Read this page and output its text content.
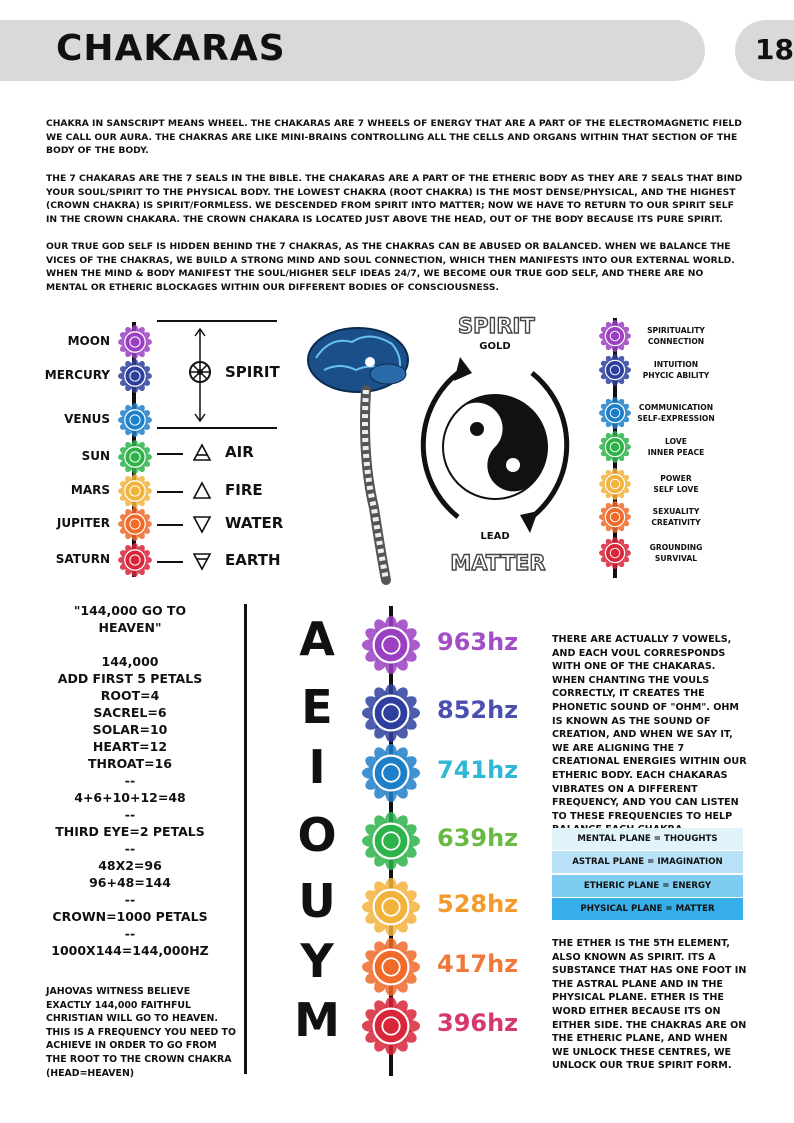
CHAKARAS	18
CHAKRA IN SANSCRIPT MEANS WHEEL. THE CHAKARAS ARE 7 WHEELS OF ENERGY THAT ARE A PART OF THE ELECTROMAGNETIC FIELD WE CALL OUR AURA. THE CHAKRAS ARE LIKE MINI-BRAINS CONTROLLING ALL THE CELLS AND ORGANS WITHIN THAT SECTION OF THE BODY OF THE BODY.
THE 7 CHAKARAS ARE THE 7 SEALS IN THE BIBLE. THE CHAKARAS ARE A PART OF THE ETHERIC BODY AS THEY ARE 7 SEALS THAT BIND YOUR SOUL/SPIRIT TO THE PHYSICAL BODY. THE LOWEST CHAKRA (ROOT CHAKRA) IS THE MOST DENSE/PHYSICAL, AND THE HIGHEST (CROWN CHAKRA) IS SPIRIT/FORMLESS. WE DESCENDED FROM SPIRIT INTO MATTER; NOW WE HAVE TO RETURN TO OUR SPIRIT SELF IN THE CROWN CHAKARA. THE CROWN CHAKARA IS LOCATED JUST ABOVE THE HEAD, OUT OF THE BODY BECAUSE ITS PURE SPIRIT.
OUR TRUE GOD SELF IS HIDDEN BEHIND THE 7 CHAKRAS, AS THE CHAKRAS CAN BE ABUSED OR BALANCED. WHEN WE BALANCE THE VICES OF THE CHAKRAS, WE BUILD A STRONG MIND AND SOUL CONNECTION, WHICH THEN MANIFESTS INTO OUR EXTERNAL WORLD. WHEN THE MIND & BODY MANIFEST THE SOUL/HIGHER SELF IDEAS 24/7, WE BECOME OUR TRUE GOD SELF, AND THERE ARE NO MENTAL OR ETHERIC BLOCKAGES WITHIN OUR DIFFERENT BODIES OF CONSCIOUSNESS.
MOON
MERCURY
VENUS
SUN
MARS
JUPITER
SATURN
SPIRIT
AIR
FIRE
WATER
EARTH
SPIRIT
GOLD
LEAD
MATTER
SPIRITUALITY
CONNECTION
INTUITION
PHYCIC ABILITY
COMMUNICATION
SELF-EXPRESSION
LOVE
INNER PEACE
POWER
SELF LOVE
SEXUALITY
CREATIVITY
GROUNDING
SURVIVAL
"144,000 GO TO
HEAVEN"

144,000
ADD FIRST 5 PETALS
ROOT=4
SACREL=6
SOLAR=10
HEART=12
THROAT=16
--
4+6+10+12=48
--
THIRD EYE=2 PETALS
--
48X2=96
96+48=144
--
CROWN=1000 PETALS
--
1000X144=144,000HZ
JAHOVAS WITNESS BELIEVE EXACTLY 144,000 FAITHFUL CHRISTIAN WILL GO TO HEAVEN. THIS IS A FREQUENCY YOU NEED TO ACHIEVE IN ORDER TO GO FROM THE ROOT TO THE CROWN CHAKRA (HEAD=HEAVEN)
A	963hz
E	852hz
I	741hz
O	639hz
U	528hz
Y	417hz
M	396hz
THERE ARE ACTUALLY 7 VOWELS, AND EACH VOUL CORRESPONDS WITH ONE OF THE CHAKARAS. WHEN CHANTING THE VOULS CORRECTLY, IT CREATES THE PHONETIC SOUND OF "OHM". OHM IS KNOWN AS THE SOUND OF CREATION, AND WHEN WE SAY IT, WE ARE ALIGNING THE 7 CREATIONAL ENERGIES WITHIN OUR ETHERIC BODY. EACH CHAKARAS VIBRATES ON A DIFFERENT FREQUENCY, AND YOU CAN LISTEN TO THESE FREQUENCIES TO HELP
MENTAL PLANE = THOUGHTS
ASTRAL PLANE = IMAGINATION
ETHERIC PLANE = ENERGY
PHYSICAL PLANE = MATTER
THE ETHER IS THE 5TH ELEMENT, ALSO KNOWN AS SPIRIT. ITS A SUBSTANCE THAT HAS ONE FOOT IN THE ASTRAL PLANE AND IN THE PHYSICAL PLANE. ETHER IS THE WORD EITHER BECAUSE ITS ON EITHER SIDE. THE CHAKRAS ARE ON THE ETHERIC PLANE, AND WHEN WE UNLOCK THESE CENTRES, WE UNLOCK OUR TRUE SPIRIT FORM.
